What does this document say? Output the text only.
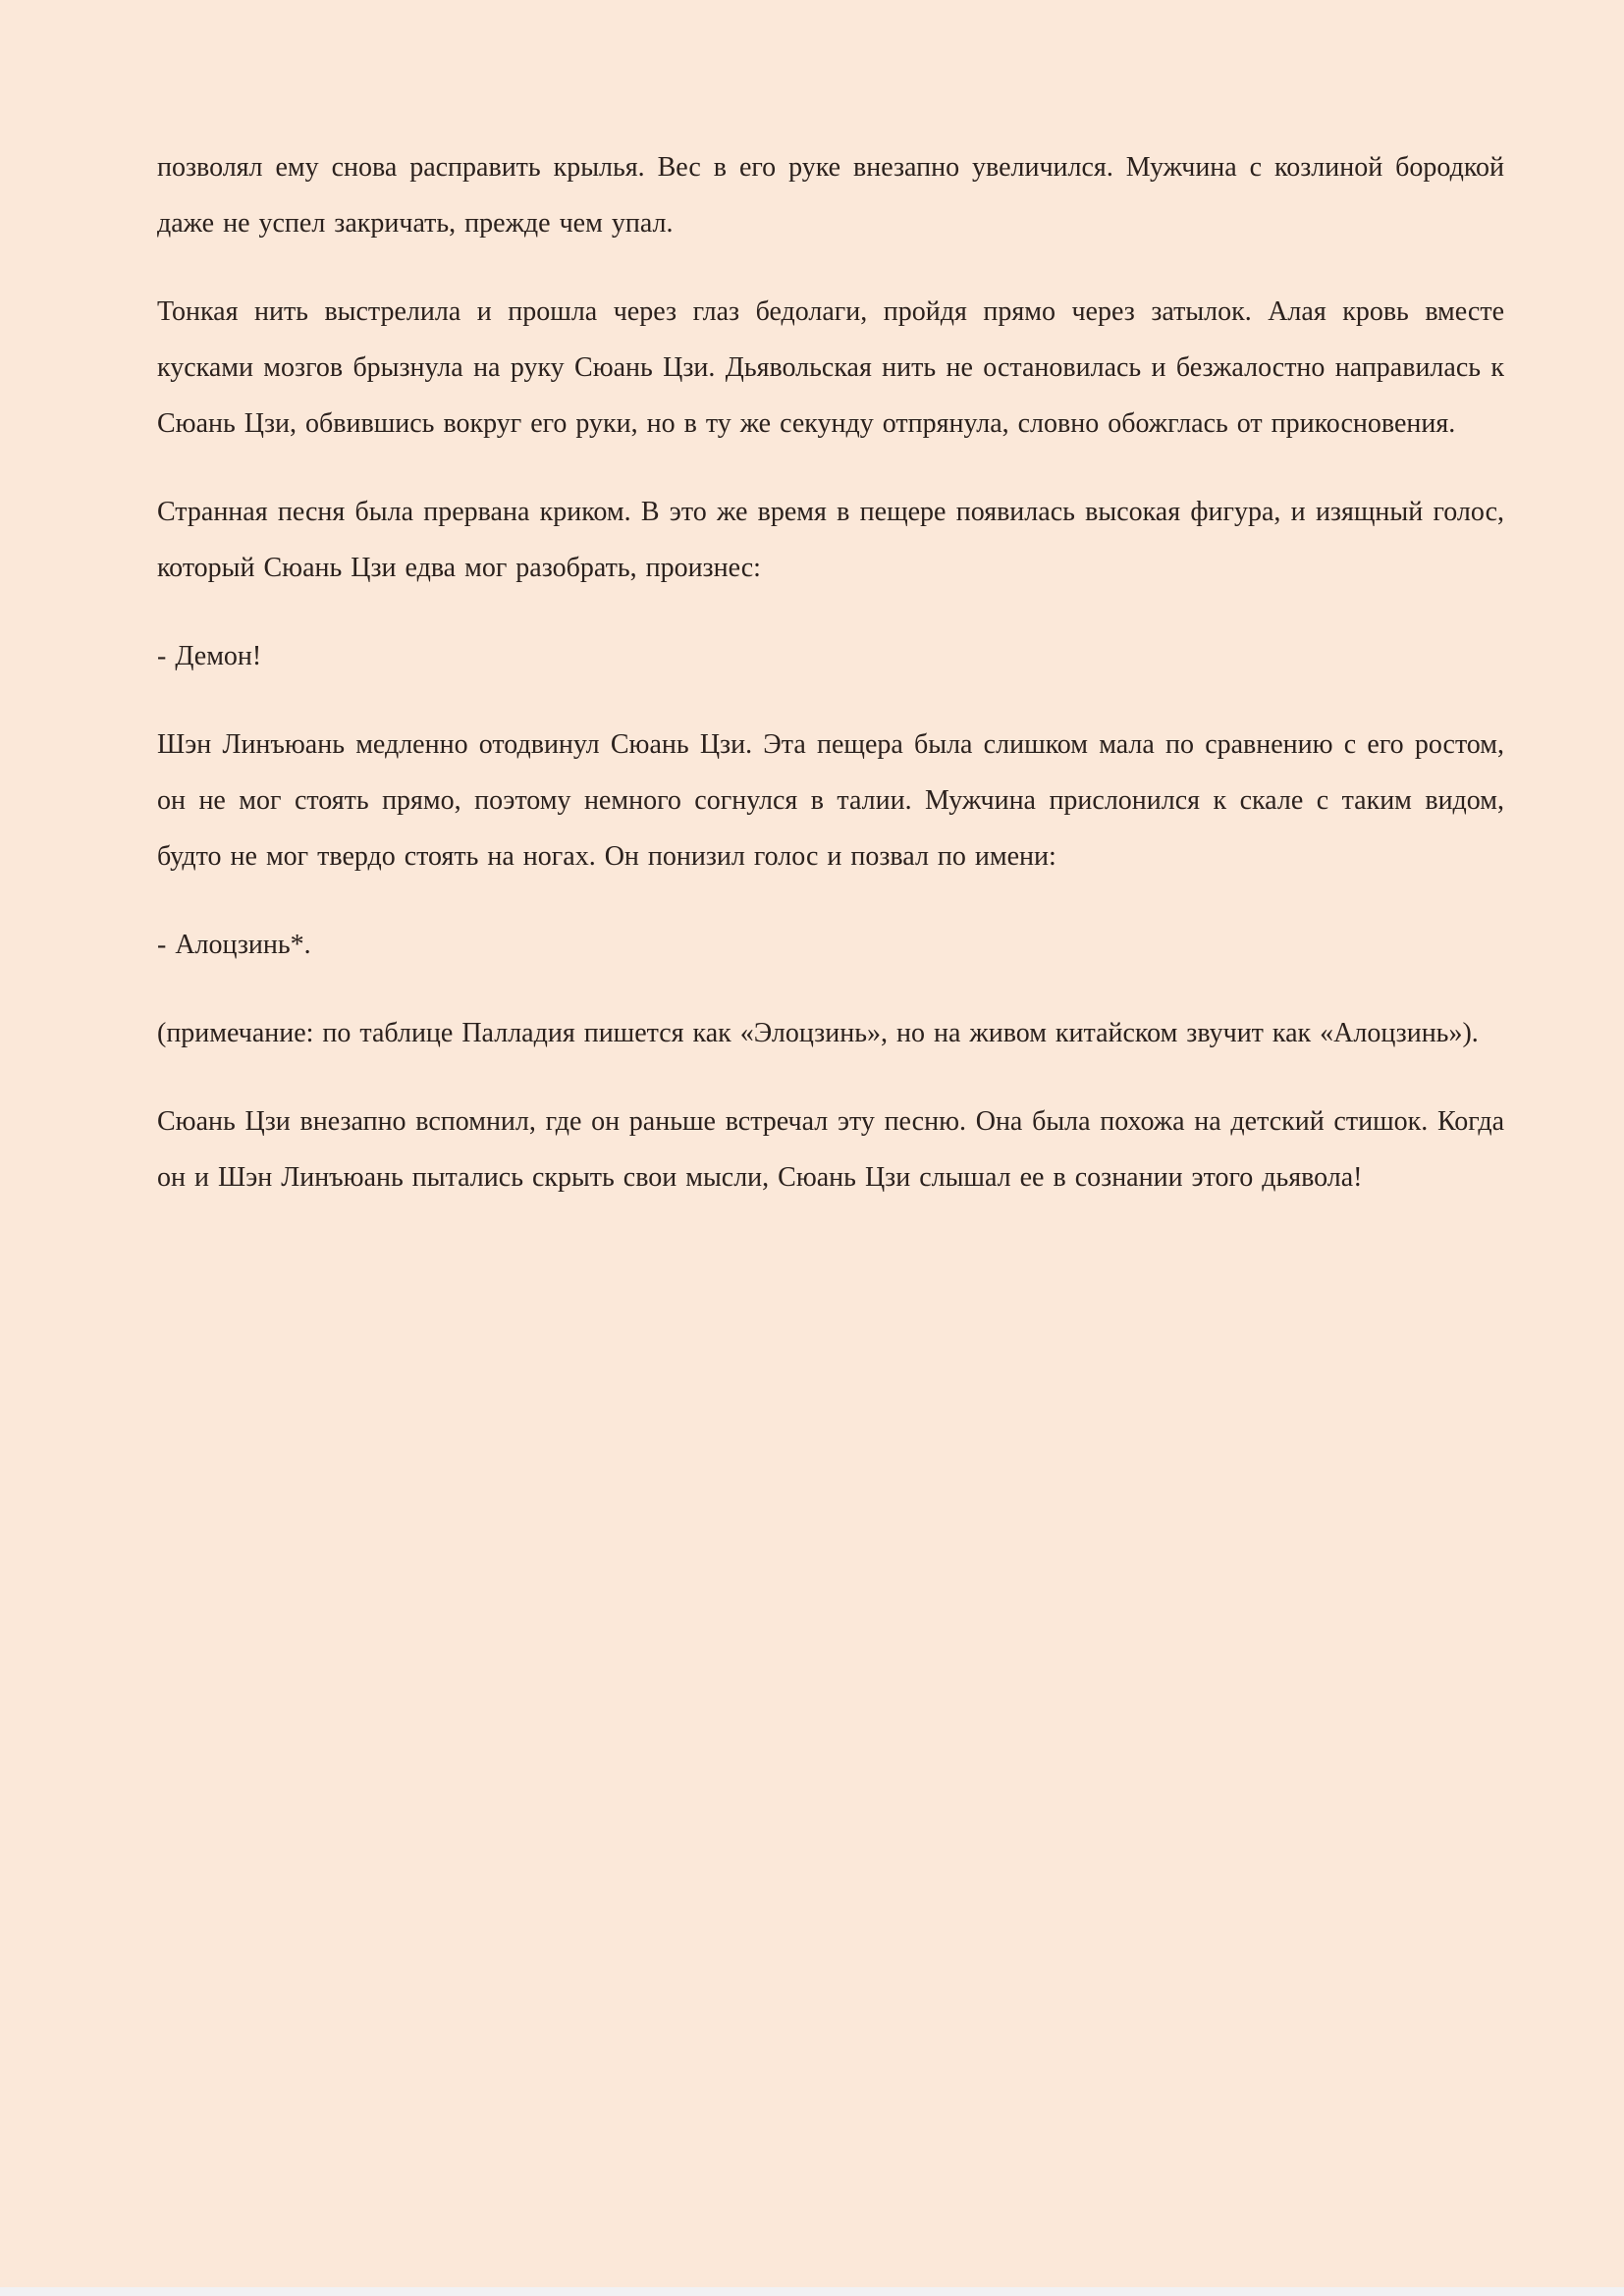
позволял ему снова расправить крылья. Вес в его руке внезапно увеличился. Мужчина с козлиной бородкой даже не успел закричать, прежде чем упал.

Тонкая нить выстрелила и прошла через глаз бедолаги, пройдя прямо через затылок. Алая кровь вместе кусками мозгов брызнула на руку Сюань Цзи. Дьявольская нить не остановилась и безжалостно направилась к Сюань Цзи, обвившись вокруг его руки, но в ту же секунду отпрянула, словно обожглась от прикосновения.

Странная песня была прервана криком. В это же время в пещере появилась высокая фигура, и изящный голос, который Сюань Цзи едва мог разобрать, произнес:

- Демон!

Шэн Линъюань медленно отодвинул Сюань Цзи. Эта пещера была слишком мала по сравнению с его ростом, он не мог стоять прямо, поэтому немного согнулся в талии. Мужчина прислонился к скале с таким видом, будто не мог твердо стоять на ногах. Он понизил голос и позвал по имени:

- Алоцзинь*.

(примечание: по таблице Палладия пишется как «Элоцзинь», но на живом китайском звучит как «Алоцзинь»).

Сюань Цзи внезапно вспомнил, где он раньше встречал эту песню. Она была похожа на детский стишок. Когда он и Шэн Линъюань пытались скрыть свои мысли, Сюань Цзи слышал ее в сознании этого дьявола!
